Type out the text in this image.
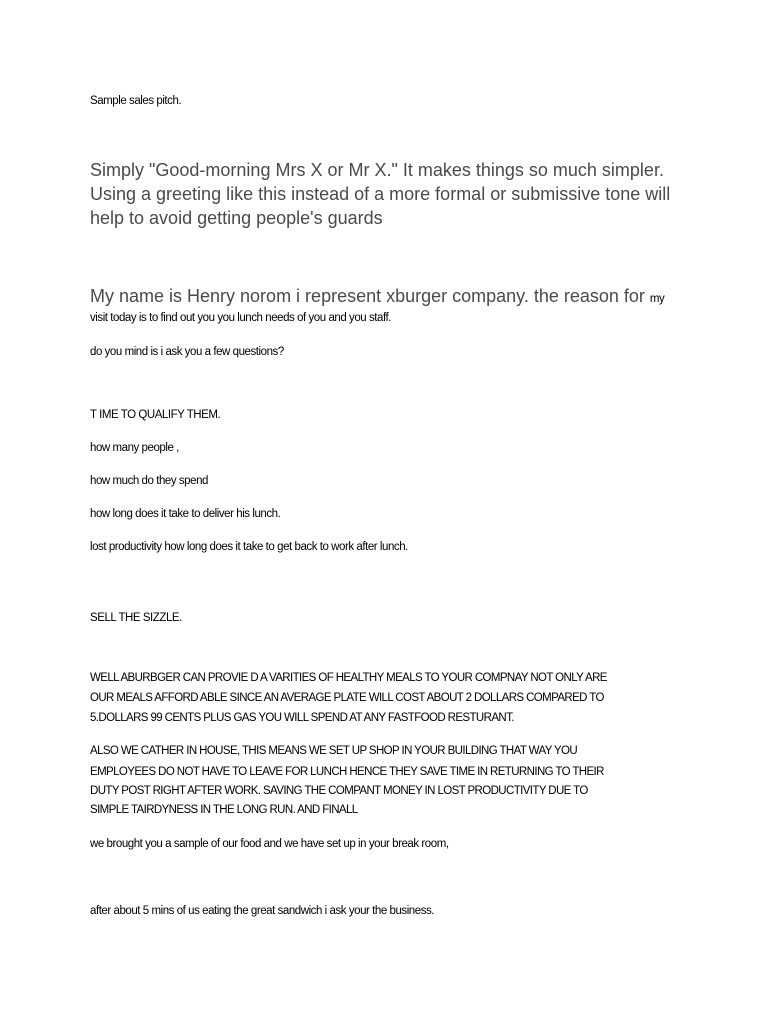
Sample sales pitch.

Simply "Good-morning Mrs X or Mr X." It makes things so much simpler.

Using a greeting like this instead of a more formal or submissive tone will

help to avoid getting people's guards

My name is Henry norom i represent xburger company. the reason for my

visit today is to find out you you lunch needs of you and you staff.

do you mind is i ask you a few questions?

T IME TO QUALIFY THEM.

how many people ,

how much do they spend

how long does it take to deliver his lunch.

lost productivity how long does it take to get back to work after lunch.

SELL THE SIZZLE.

WELL ABURBGER CAN PROVIE D A VARITIES OF HEALTHY MEALS TO YOUR COMPNAY NOT ONLY ARE

OUR MEALS AFFORD ABLE SINCE AN AVERAGE PLATE WILL COST ABOUT 2 DOLLARS COMPARED TO

5.DOLLARS 99 CENTS PLUS GAS YOU WILL SPEND AT ANY FASTFOOD RESTURANT.

ALSO WE CATHER IN HOUSE, THIS MEANS WE SET UP SHOP IN YOUR BUILDING THAT WAY YOU

EMPLOYEES DO NOT HAVE TO LEAVE FOR LUNCH HENCE THEY SAVE TIME IN RETURNING TO THEIR

DUTY POST RIGHT AFTER WORK. SAVING THE COMPANT MONEY IN LOST PRODUCTIVITY DUE TO

SIMPLE TAIRDYNESS IN THE LONG RUN. AND FINALL

we brought you a sample of our food and we have set up in your break room,

after about 5 mins of us eating the great sandwich i ask your the business.
